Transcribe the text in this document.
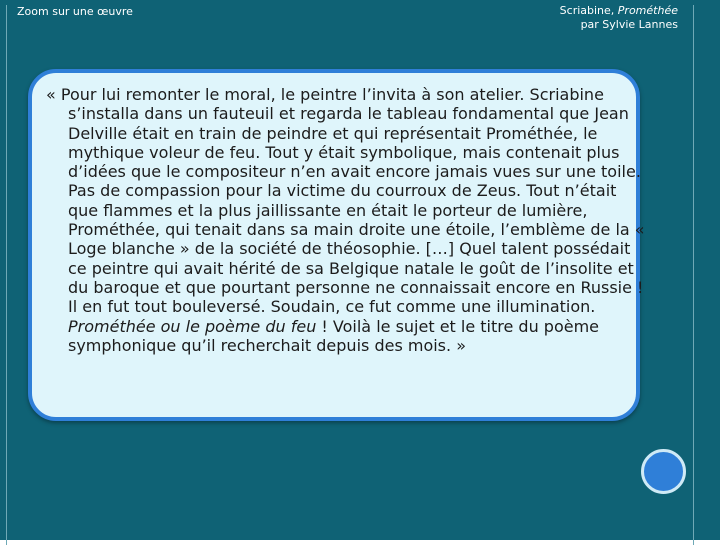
Zoom sur une œuvre	Scriabine, Prométhée
par Sylvie Lannes

« Pour lui remonter le moral, le peintre l’invita à son atelier. Scriabine s’installa dans un fauteuil et regarda le tableau fondamental que Jean Delville était en train de peindre et qui représentait Prométhée, le mythique voleur de feu. Tout y était symbolique, mais contenait plus d’idées que le compositeur n’en avait encore jamais vues sur une toile. Pas de compassion pour la victime du courroux de Zeus. Tout n’était que flammes et la plus jaillissante en était le porteur de lumière, Prométhée, qui tenait dans sa main droite une étoile, l’emblème de la « Loge blanche » de la société de théosophie. […] Quel talent possédait ce peintre qui avait hérité de sa Belgique natale le goût de l’insolite et du baroque et que pourtant personne ne connaissait encore en Russie ! Il en fut tout bouleversé. Soudain, ce fut comme une illumination. Prométhée ou le poème du feu ! Voilà le sujet et le titre du poème symphonique qu’il recherchait depuis des mois. »
